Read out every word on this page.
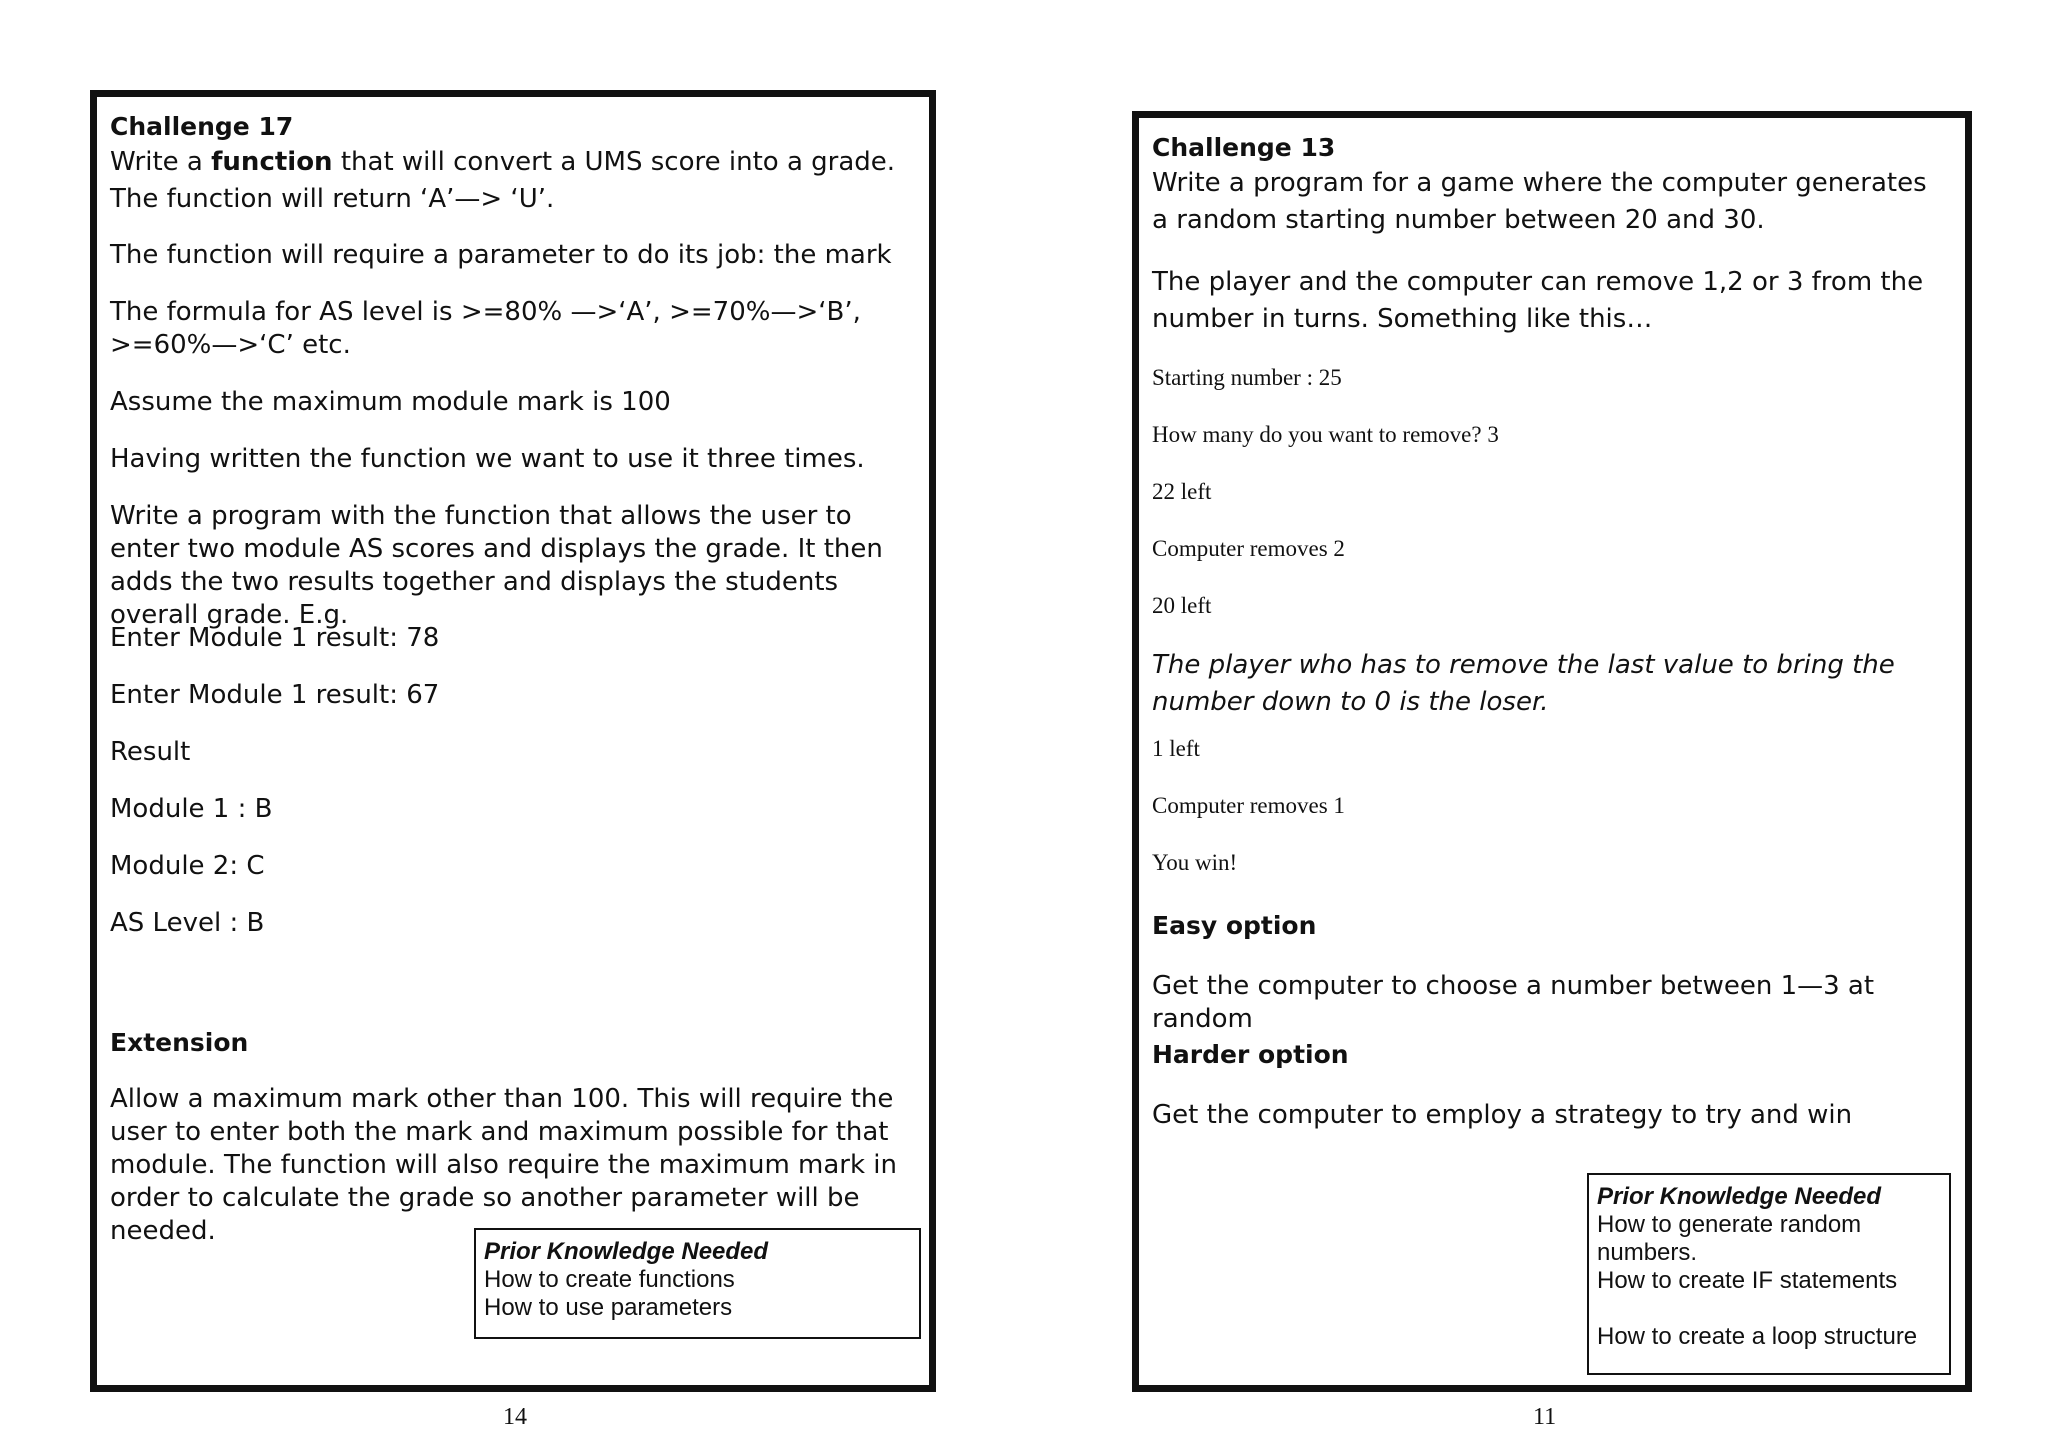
Challenge 17
Write a function that will convert a UMS score into a grade. The function will return ‘A’—> ‘U’.
The function will require a parameter to do its job: the mark
The formula for AS level is >=80% —>‘A’, >=70%—>‘B’, >=60%—>‘C’ etc.
Assume the maximum module mark is 100
Having written the function we want to use it three times.
Write a program with the function that allows the user to enter two module AS scores and displays the grade. It then adds the two results together and displays the students overall grade. E.g.
Enter Module 1 result: 78
Enter Module 1 result: 67
Result
Module 1 : B
Module 2: C
AS Level : B
Extension
Allow a maximum mark other than 100. This will require the user to enter both the mark and maximum possible for that module. The function will also require the maximum mark in order to calculate the grade so another parameter will be needed.
Prior Knowledge Needed
How to create functions
How to use parameters
14
Challenge 13
Write a program for a game where the computer generates a random starting number between 20 and 30.
The player and the computer can remove 1,2 or 3 from the number in turns. Something like this…
Starting number : 25
How many do you want to remove? 3
22 left
Computer removes 2
20 left
The player who has to remove the last value to bring the number down to 0 is the loser.
1 left
Computer removes 1
You win!
Easy option
Get the computer to choose a number between 1—3 at random
Harder option
Get the computer to employ a strategy to try and win
Prior Knowledge Needed
How to generate random numbers.
How to create IF statements
How to create a loop structure
11
